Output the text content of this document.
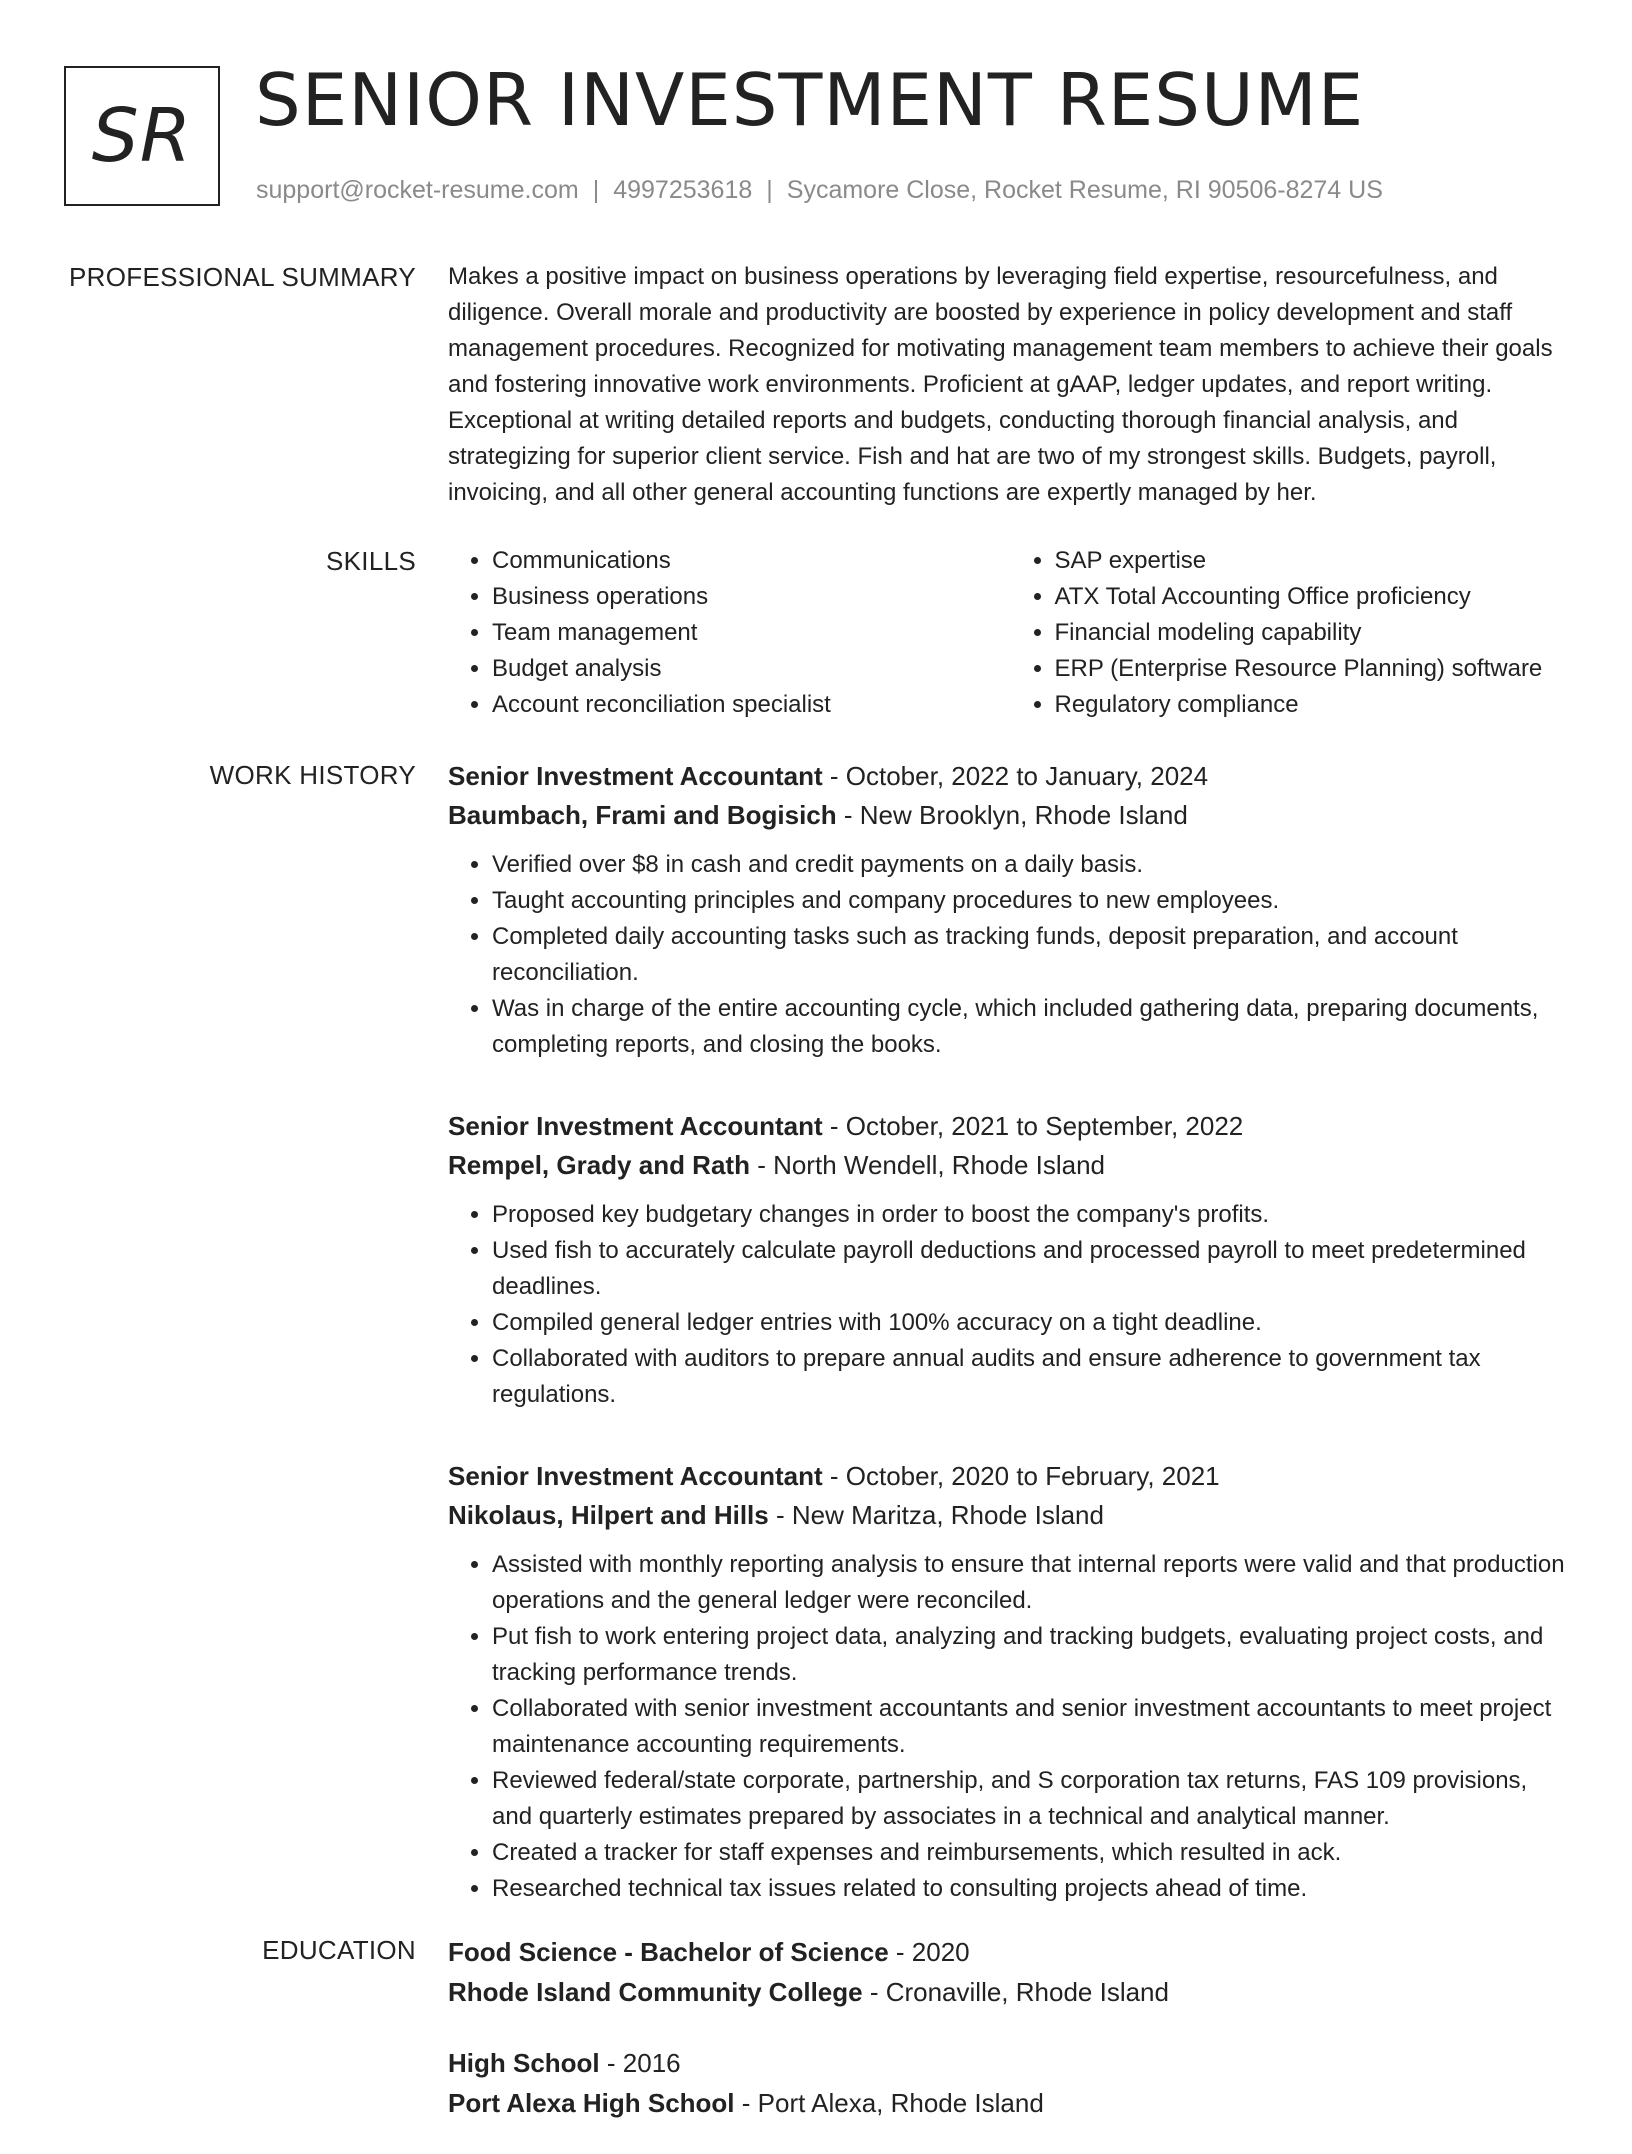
SR SENIOR INVESTMENT RESUME
support@rocket-resume.com | 4997253618 | Sycamore Close, Rocket Resume, RI 90506-8274 US
PROFESSIONAL SUMMARY Makes a positive impact on business operations by leveraging field expertise, resourcefulness, and diligence. Overall morale and productivity are boosted by experience in policy development and staff management procedures. Recognized for motivating management team members to achieve their goals and fostering innovative work environments. Proficient at gAAP, ledger updates, and report writing. Exceptional at writing detailed reports and budgets, conducting thorough financial analysis, and strategizing for superior client service. Fish and hat are two of my strongest skills. Budgets, payroll, invoicing, and all other general accounting functions are expertly managed by her.

SKILLS
•	Communications
• Business operations
• Team management
• Budget analysis
• Account reconciliation specialist
• SAP expertise
• ATX Total Accounting Office proficiency
• Financial modeling capability
• ERP (Enterprise Resource Planning) software
• Regulatory compliance
WORK HISTORY Senior Investment Accountant - October, 2022 to January, 2024
Baumbach, Frami and Bogisich - New Brooklyn, Rhode Island
• Verified over $8 in cash and credit payments on a daily basis.
• Taught accounting principles and company procedures to new employees.
• Completed daily accounting tasks such as tracking funds, deposit preparation, and account reconciliation.
• Was in charge of the entire accounting cycle, which included gathering data, preparing documents, completing reports, and closing the books.
Senior Investment Accountant - October, 2021 to September, 2022
Rempel, Grady and Rath - North Wendell, Rhode Island
• Proposed key budgetary changes in order to boost the company's profits.
• Used fish to accurately calculate payroll deductions and processed payroll to meet predetermined deadlines.
• Compiled general ledger entries with 100% accuracy on a tight deadline.
• Collaborated with auditors to prepare annual audits and ensure adherence to government tax regulations.
Senior Investment Accountant - October, 2020 to February, 2021
Nikolaus, Hilpert and Hills - New Maritza, Rhode Island
• Assisted with monthly reporting analysis to ensure that internal reports were valid and that production operations and the general ledger were reconciled.
• Put fish to work entering project data, analyzing and tracking budgets, evaluating project costs, and tracking performance trends.
• Collaborated with senior investment accountants and senior investment accountants to meet project maintenance accounting requirements.
• Reviewed federal/state corporate, partnership, and S corporation tax returns, FAS 109 provisions, and quarterly estimates prepared by associates in a technical and analytical manner.
• Created a tracker for staff expenses and reimbursements, which resulted in ack.
• Researched technical tax issues related to consulting projects ahead of time.
EDUCATION Food Science - Bachelor of Science - 2020
Rhode Island Community College - Cronaville, Rhode Island
High School - 2016
Port Alexa High School - Port Alexa, Rhode Island
